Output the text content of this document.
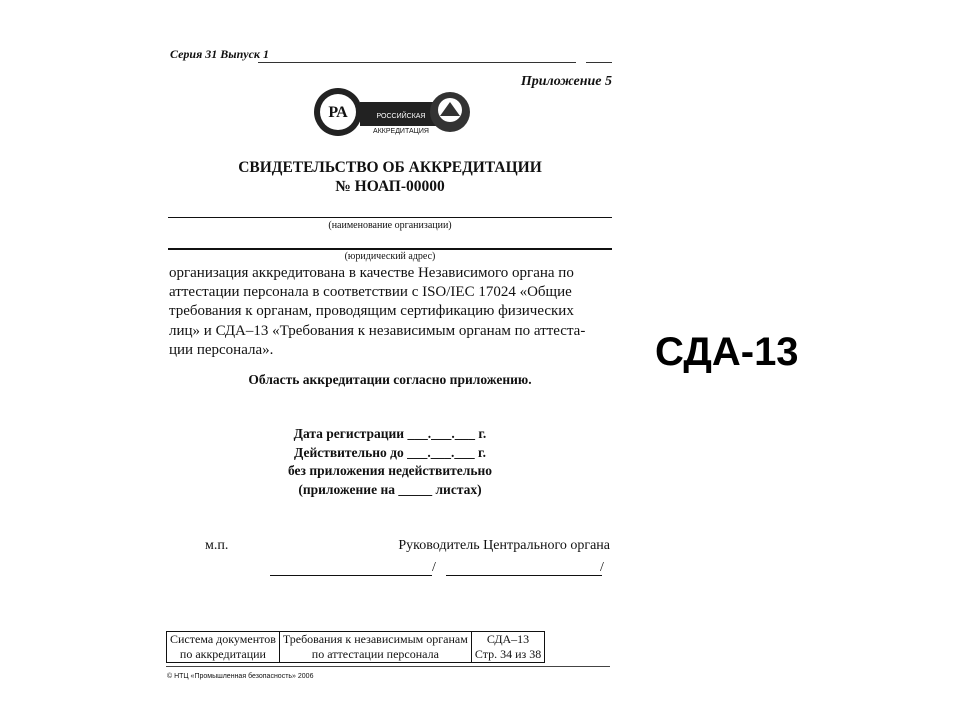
Серия 31 Выпуск 1
Приложение 5
РА	РОССИЙСКАЯ
АККРЕДИТАЦИЯ
СВИДЕТЕЛЬСТВО ОБ АККРЕДИТАЦИИ
№ НОАП-00000
(наименование организации)
(юридический адрес)
организация аккредитована в качестве Независимого органа по
аттестации персонала в соответствии с ISO/IEC 17024 «Общие
требования к органам, проводящим сертификацию физических
лиц» и СДА–13 «Требования к независимым органам по аттеста-
ции персонала».
Область аккредитации согласно приложению.
Дата регистрации ___.___.___ г.
Действительно до ___.___.___ г.
без приложения недействительно
(приложение на _____ листах)
м.п.	Руководитель Центрального органа
/	/
Система документов
по аккредитации

Требования к независимым органам
по аттестации персонала

СДА–13
Стр. 34 из 38
© НТЦ «Промышленная безопасность» 2006
СДА-13
